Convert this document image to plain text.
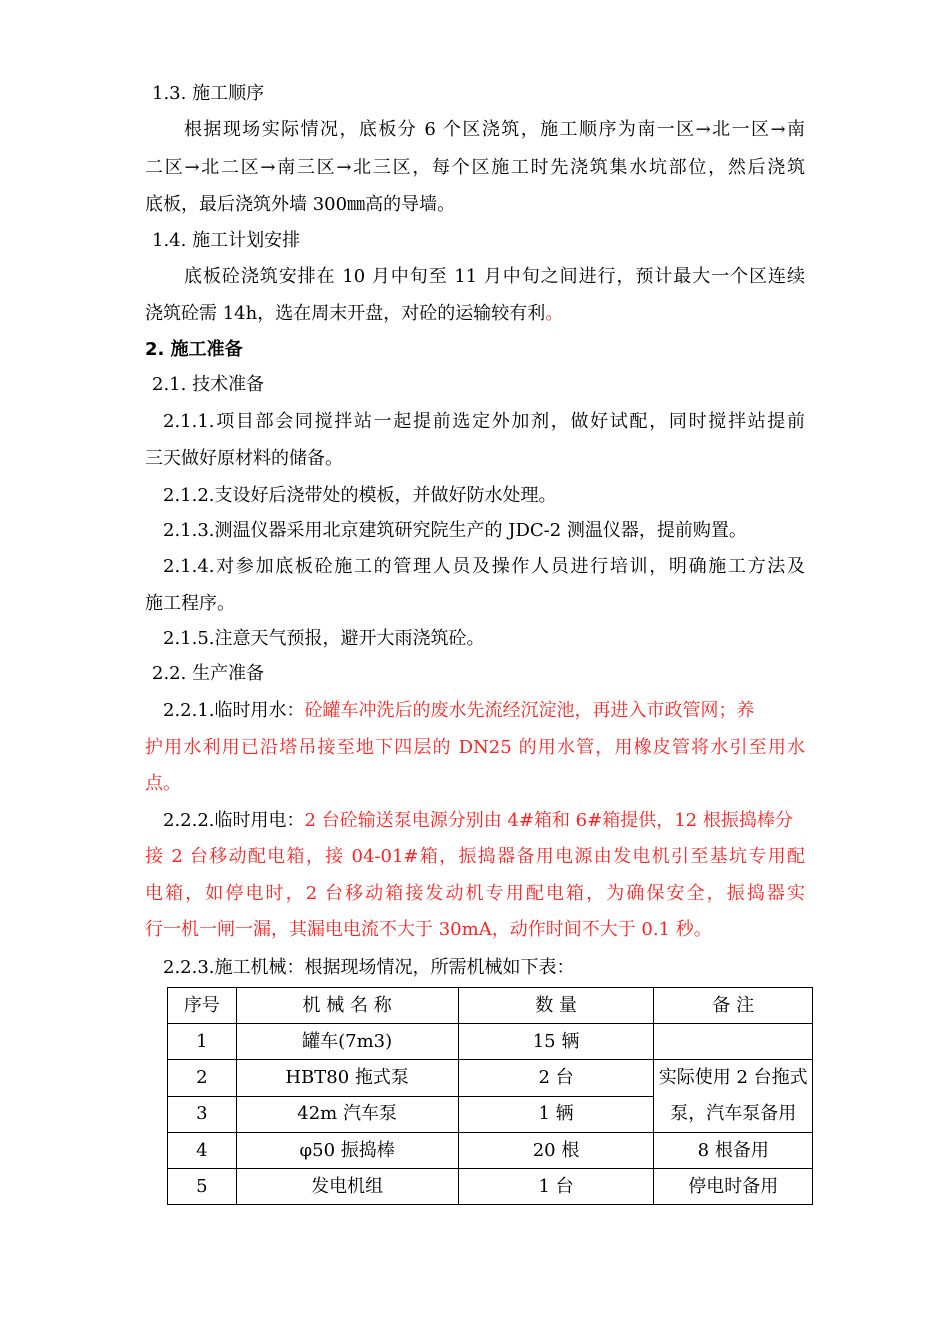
1.3. 施工顺序
根据现场实际情况，底板分 6 个区浇筑，施工顺序为南一区→北一区→南
二区→北二区→南三区→北三区，每个区施工时先浇筑集水坑部位，然后浇筑
底板，最后浇筑外墙 300㎜高的导墙。
1.4. 施工计划安排
底板砼浇筑安排在 10 月中旬至 11 月中旬之间进行，预计最大一个区连续
浇筑砼需 14h，选在周末开盘，对砼的运输较有利。
2. 施工准备
2.1. 技术准备
2.1.1.项目部会同搅拌站一起提前选定外加剂，做好试配，同时搅拌站提前
三天做好原材料的储备。
2.1.2.支设好后浇带处的模板，并做好防水处理。
2.1.3.测温仪器采用北京建筑研究院生产的 JDC-2 测温仪器，提前购置。
2.1.4.对参加底板砼施工的管理人员及操作人员进行培训，明确施工方法及
施工程序。
2.1.5.注意天气预报，避开大雨浇筑砼。
2.2. 生产准备
2.2.1.临时用水：砼罐车冲洗后的废水先流经沉淀池，再进入市政管网；养
护用水利用已沿塔吊接至地下四层的 DN25 的用水管，用橡皮管将水引至用水
点。
2.2.2.临时用电：2 台砼输送泵电源分别由 4#箱和 6#箱提供，12 根振捣棒分
接 2 台移动配电箱，接 04-01#箱，振捣器备用电源由发电机引至基坑专用配
电箱，如停电时，2 台移动箱接发动机专用配电箱，为确保安全，振捣器实
行一机一闸一漏，其漏电电流不大于 30mA，动作时间不大于 0.1 秒。
2.2.3.施工机械：根据现场情况，所需机械如下表：
序号	机 械 名 称	数 量	备 注
1	罐车(7m3)	15 辆	
2	HBT80 拖式泵	2 台	实际使用 2 台拖式泵，汽车泵备用
3	42m 汽车泵	1 辆	
4	φ50 振捣棒	20 根	8 根备用
5	发电机组	1 台	停电时备用
